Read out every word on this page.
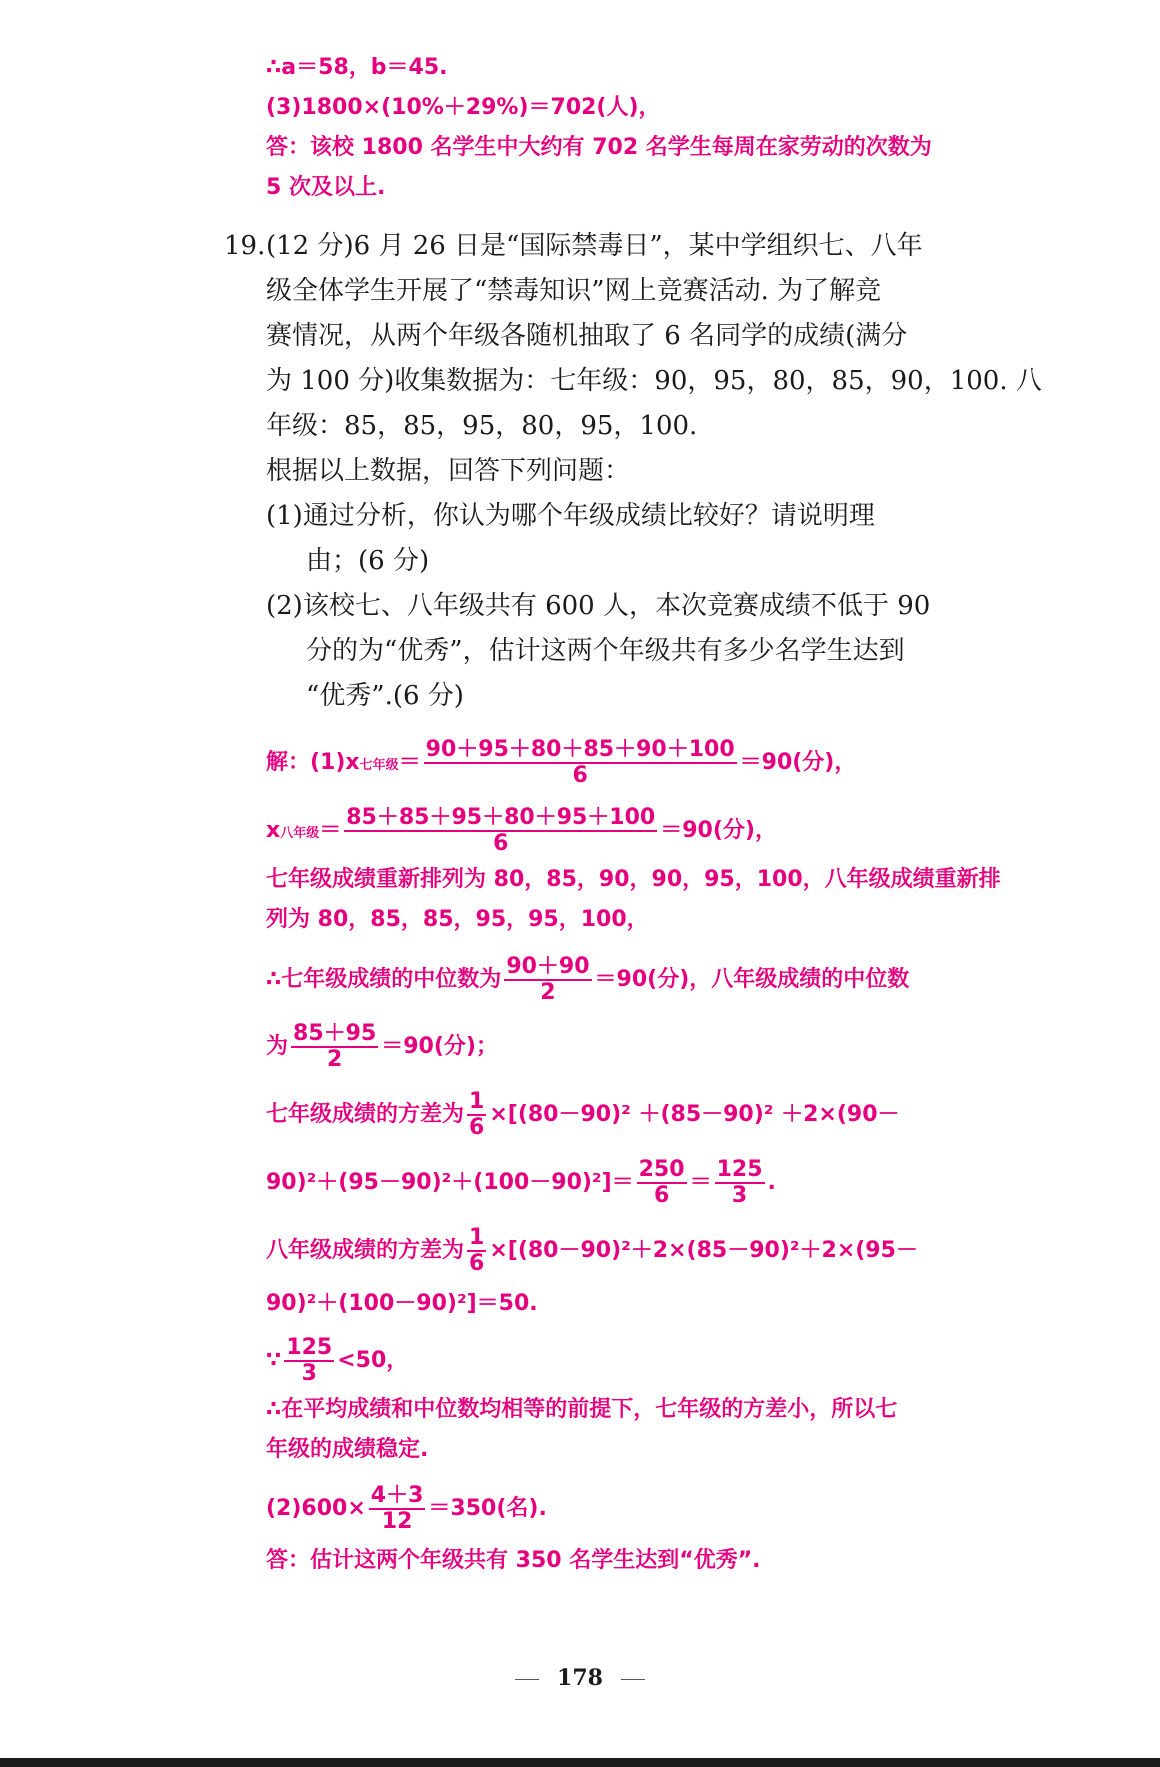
∴a＝58，b＝45.
(3)1800×(10%＋29%)＝702(人)，
答：该校 1800 名学生中大约有 702 名学生每周在家劳动的次数为
5 次及以上.
19. (12 分)6 月 26 日是“国际禁毒日”，某中学组织七、八年
级全体学生开展了“禁毒知识”网上竞赛活动. 为了解竞
赛情况，从两个年级各随机抽取了 6 名同学的成绩(满分
为 100 分)收集数据为：七年级：90，95，80，85，90，100. 八
年级：85，85，95，80，95，100.
根据以上数据，回答下列问题：
(1)通过分析，你认为哪个年级成绩比较好？请说明理
由；(6 分)
(2)该校七、八年级共有 600 人，本次竞赛成绩不低于 90
分的为“优秀”，估计这两个年级共有多少名学生达到
“优秀”.(6 分)
解：(1)x七年级＝ $\frac{90+95+80+85+90+100}{6} =90$(分)，
x八年级＝ $\frac{85+85+95+80+95+100}{6} =90$(分)，
七年级成绩重新排列为 80，85，90，90，95，100，八年级成绩重新排
列为 80，85，85，95，95，100，
∴七年级成绩的中位数为 $\frac{90+90}{2} =90$(分)，八年级成绩的中位数
为 $\frac{85+95}{2} =90$(分)；
七年级成绩的方差为 $\frac{1}{6} \times[(80-90)^2 +(85-90)^2 +2\times(90-$
$90)^2+(95-90)^2+(100-90)^2]= \frac{250}{6} = \frac{125}{3}$ .
八年级成绩的方差为 $\frac{1}{6} \times[(80-90)^2+2\times(85-90)^2+2\times(95-$
90)²＋(100－90)²]＝50.
∵ $\frac{125}{3} <50$，
∴在平均成绩和中位数均相等的前提下，七年级的方差小，所以七
年级的成绩稳定.
$(2)600\times \frac{4+3}{12} =350$(名).
答：估计这两个年级共有 350 名学生达到“优秀”.
178
